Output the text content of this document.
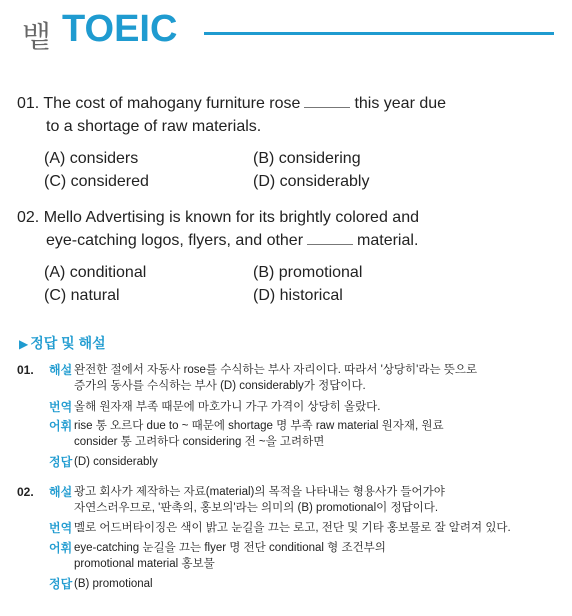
뱉 TOEIC
01. The cost of mahogany furniture rose	this year due
to a shortage of raw materials.
(A) considers	(B) considering
(C) considered	(D) considerably
02. Mello Advertising is known for its brightly colored and
eye-catching logos, flyers, and other	material.
(A) conditional	(B) promotional
(C) natural	(D) historical
▶ 정답 및 해설
01. 해설 완전한 절에서 자동사 rose를 수식하는 부사 자리이다. 따라서 '상당히'라는 뜻으로
증가의 동사를 수식하는 부사 (D) considerably가 정답이다.
번역 올해 원자재 부족 때문에 마호가니 가구 가격이 상당히 올랐다.
어휘 rise 통 오르다 due to ~ 때문에 shortage 명 부족 raw material 원자재, 원료
consider 통 고려하다 considering 전 ~을 고려하면
정답 (D) considerably
02. 해설 광고 회사가 제작하는 자료(material)의 목적을 나타내는 형용사가 들어가야
자연스러우므로, '판촉의, 홍보의'라는 의미의 (B) promotional이 정답이다.
번역 멜로 어드버타이징은 색이 밝고 눈길을 끄는 로고, 전단 및 기타 홍보물로 잘 알려져 있다.
어휘 eye-catching 눈길을 끄는 flyer 명 전단 conditional 형 조건부의
promotional material 홍보물
정답 (B) promotional
